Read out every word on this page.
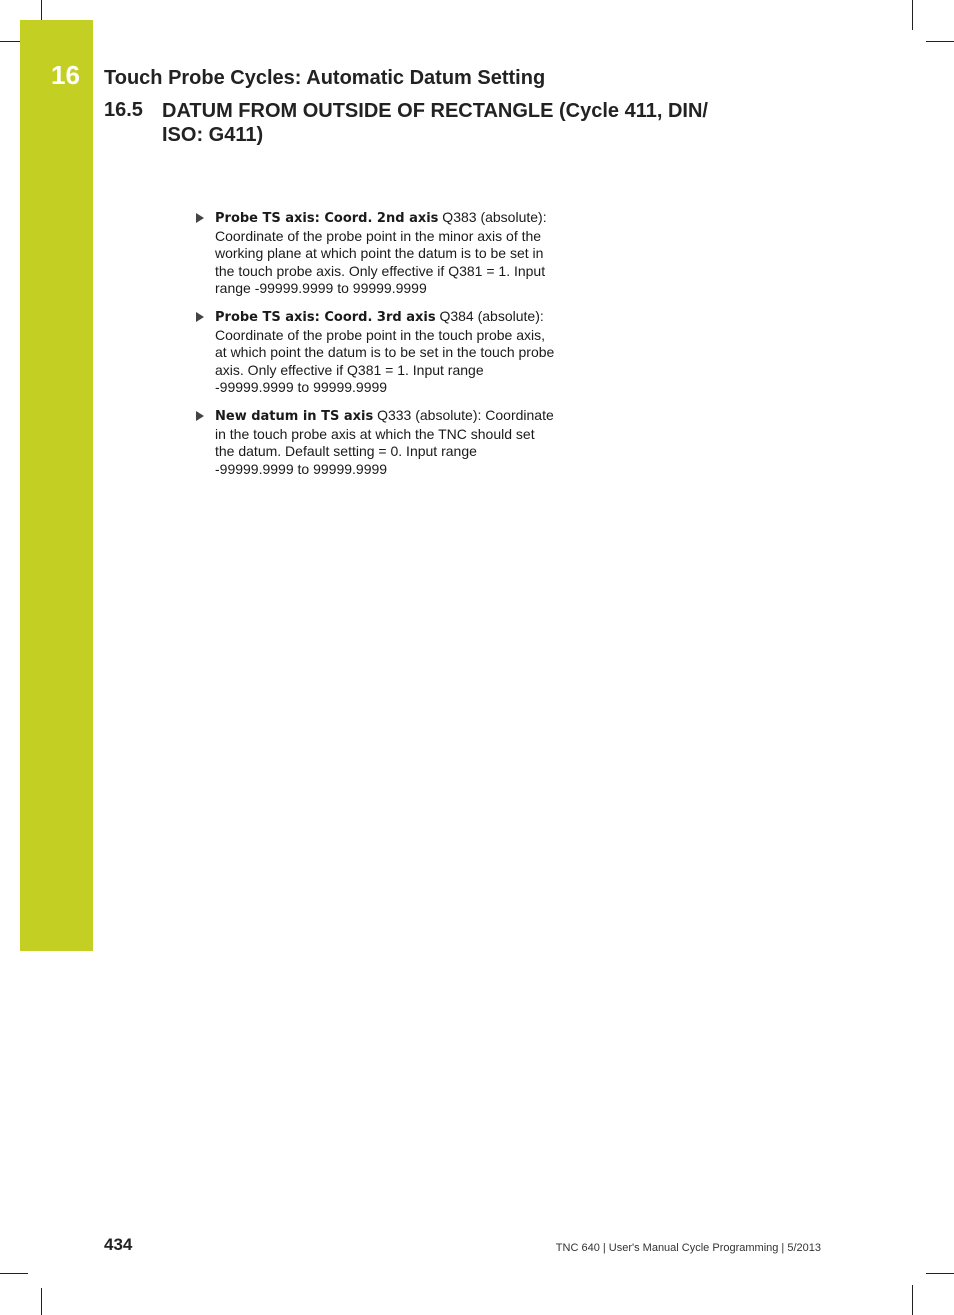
16 Touch Probe Cycles: Automatic Datum Setting
16.5 DATUM FROM OUTSIDE OF RECTANGLE (Cycle 411, DIN/ ISO: G411)
Probe TS axis: Coord. 2nd axis Q383 (absolute): Coordinate of the probe point in the minor axis of the working plane at which point the datum is to be set in the touch probe axis. Only effective if Q381 = 1. Input range -99999.9999 to 99999.9999
Probe TS axis: Coord. 3rd axis Q384 (absolute): Coordinate of the probe point in the touch probe axis, at which point the datum is to be set in the touch probe axis. Only effective if Q381 = 1. Input range -99999.9999 to 99999.9999
New datum in TS axis Q333 (absolute): Coordinate in the touch probe axis at which the TNC should set the datum. Default setting = 0. Input range -99999.9999 to 99999.9999
434	TNC 640 | User's Manual Cycle Programming | 5/2013
